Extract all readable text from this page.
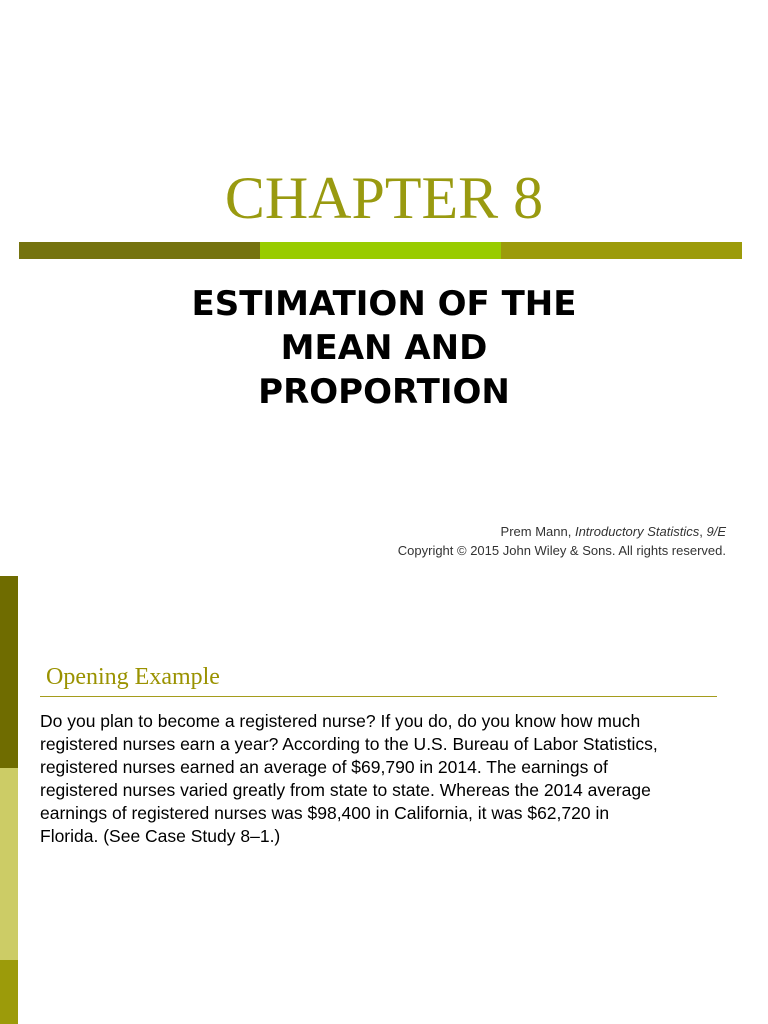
CHAPTER 8
ESTIMATION OF THE
MEAN AND
PROPORTION
Prem Mann, Introductory Statistics, 9/E
Copyright © 2015 John Wiley & Sons. All rights reserved.
Opening Example
Do you plan to become a registered nurse? If you do, do you know how much
registered nurses earn a year? According to the U.S. Bureau of Labor Statistics,
registered nurses earned an average of $69,790 in 2014. The earnings of
registered nurses varied greatly from state to state. Whereas the 2014 average
earnings of registered nurses was $98,400 in California, it was $62,720 in
Florida. (See Case Study 8–1.)
